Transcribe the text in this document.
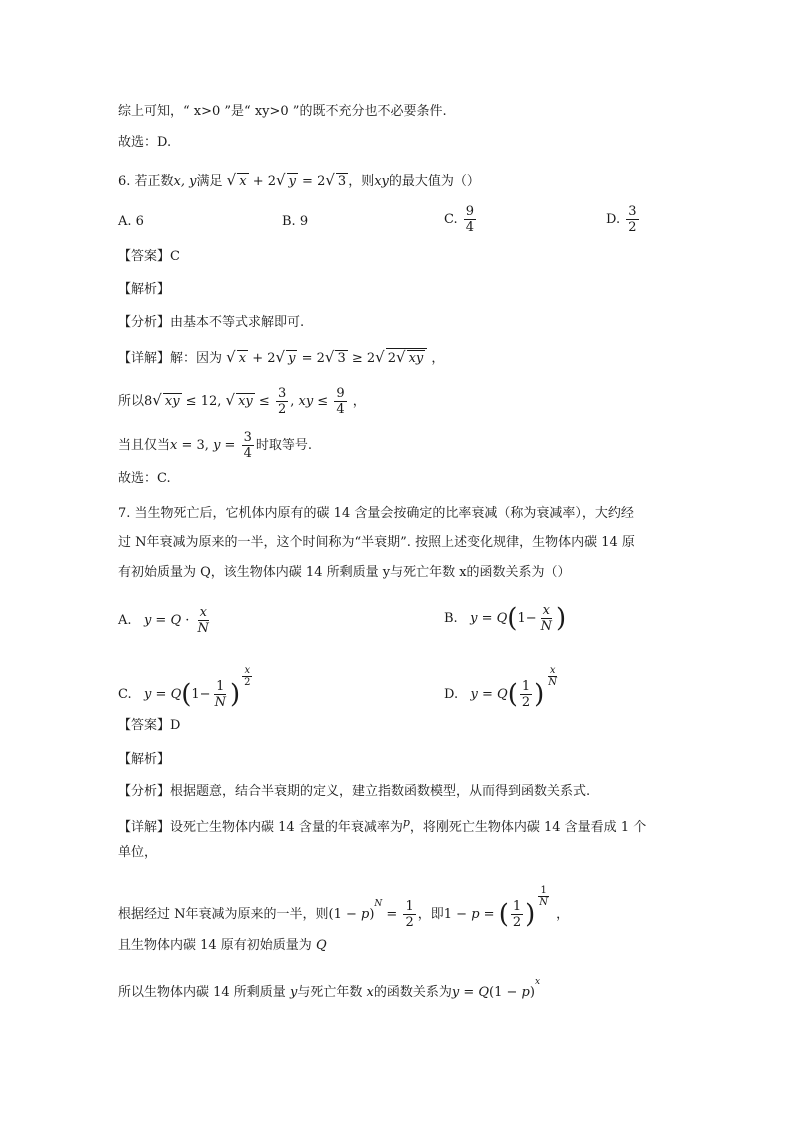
综上可知，“ x>0 ”是“ xy>0 ”的既不充分也不必要条件.
故选：D.
6. 若正数x, y满足 √ x + 2√ y = 2√ 3 ，则xy的最大值为（）
A. 6	B. 9	C. $\frac{9}{4}$	D. $\frac{3}{2}$
【答案】C
【解析】
【分析】由基本不等式求解即可.
【详解】解：因为 √ x + 2√ y = 2√ 3 ≥ 2√ 2√ xy ，
所以8√ xy ≤ 12, √ xy ≤ $\frac{3}{2}$ , xy ≤ $\frac{9}{4}$ ，
当且仅当x = 3, $y = \frac{3}{4}$ 时取等号.
故选：C.
7. 当生物死亡后，它机体内原有的碳 14 含量会按确定的比率衰减（称为衰减率），大约经
过 N年衰减为原来的一半，这个时间称为“半衰期”. 按照上述变化规律，生物体内碳 14 原
有初始质量为 Q，该生物体内碳 14 所剩质量 y与死亡年数 x的函数关系为（）
A. $y = Q \cdot \frac{x}{N}$	B. $y = Q(1- \frac{x}{N}$ )
C. $y = Q(1- \frac{1}{N}$ )
$\frac{x}{2}$
D. $y = Q( \frac{1}{2}$ )
$\frac{x}{N}$
【答案】D
【解析】
【分析】根据题意，结合半衰期的定义，建立指数函数模型，从而得到函数关系式.
【详解】设死亡生物体内碳 14 含量的年衰减率为$^p$，将刚死亡生物体内碳 14 含量看成 1 个
单位，
根据经过 N年衰减为原来的一半，则$(1 - p)^N = \frac{1}{2}$ ，即1 − p = ( $\frac{1}{2}$ )
$\frac{1}{N}$
，
且生物体内碳 14 原有初始质量为 Q
所以生物体内碳 14 所剩质量 y与死亡年数 x的函数关系为$y = Q(1 - p)^x$
